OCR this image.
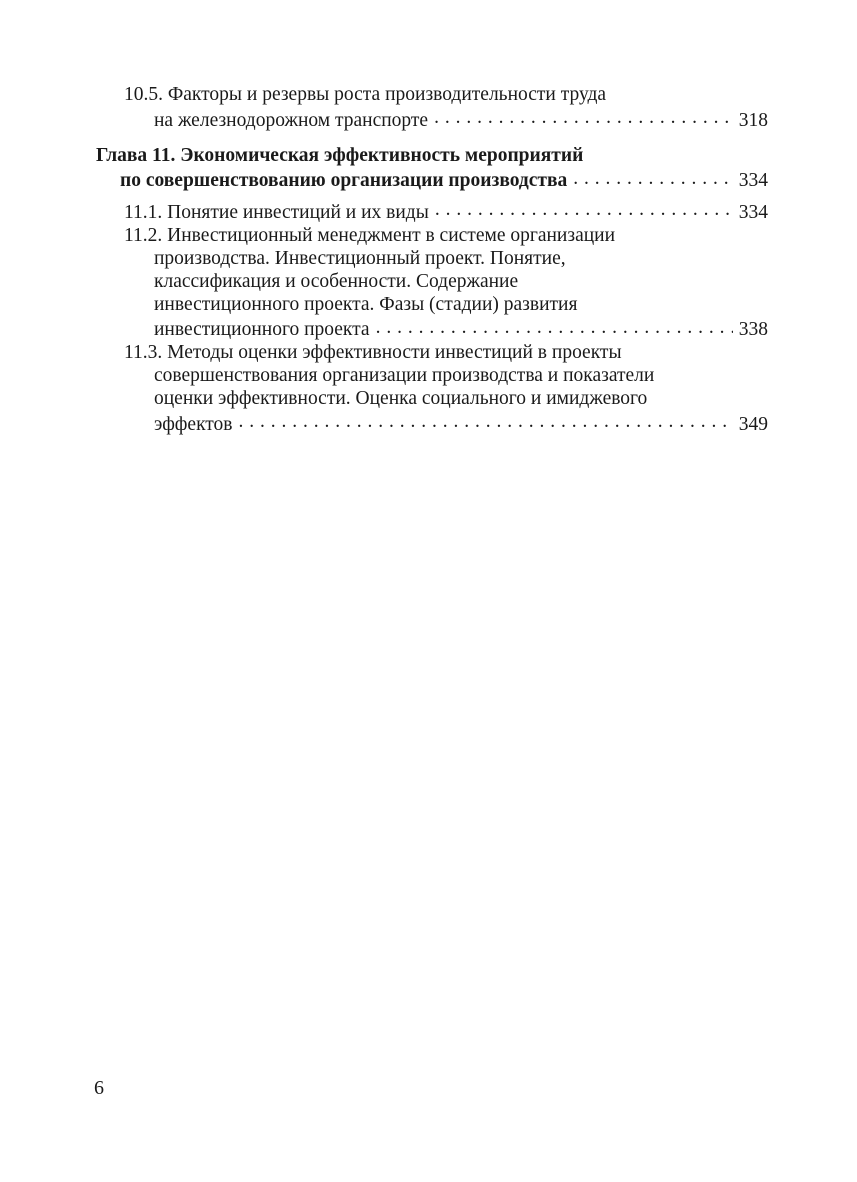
10.5. Факторы и резервы роста производительности труда
на железнодорожном транспорте . . .	318
Глава 11. Экономическая эффективность мероприятий
по совершенствованию организации производства . . .	334
11.1. Понятие инвестиций и их виды . . .	334
11.2. Инвестиционный менеджмент в системе организации
производства. Инвестиционный проект. Понятие,
классификация и особенности. Содержание
инвестиционного проекта. Фазы (стадии) развития
инвестиционного проекта . . .	338
11.3. Методы оценки эффективности инвестиций в проекты
совершенствования организации производства и показатели
оценки эффективности. Оценка социального и имиджевого
эффектов . . .	349
6
